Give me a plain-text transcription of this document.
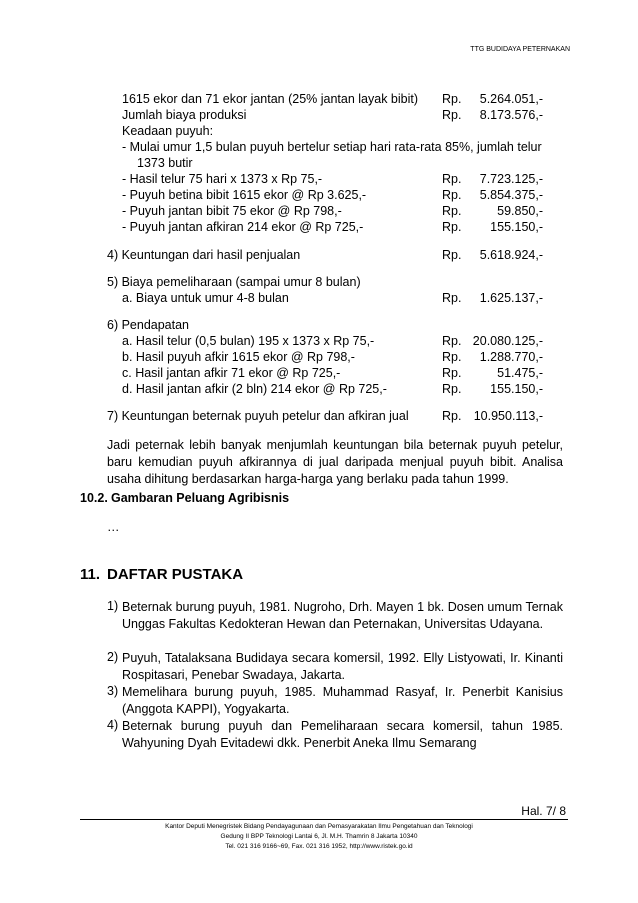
TTG BUDIDAYA PETERNAKAN
1615 ekor dan 71 ekor jantan (25% jantan layak bibit) Rp. 5.264.051,-
Jumlah biaya produksi	Rp. 8.173.576,-
Keadaan puyuh:
- Mulai umur 1,5 bulan puyuh bertelur setiap hari rata-rata 85%, jumlah telur
1373 butir
- Hasil telur 75 hari x 1373 x Rp 75,-	Rp. 7.723.125,-
- Puyuh betina bibit 1615 ekor @ Rp 3.625,-	Rp. 5.854.375,-
- Puyuh jantan bibit 75 ekor @ Rp 798,-	Rp.	59.850,-
- Puyuh jantan afkiran 214 ekor @ Rp 725,-	Rp. 155.150,-
4) Keuntungan dari hasil penjualan	Rp. 5.618.924,-
5) Biaya pemeliharaan (sampai umur 8 bulan)
a. Biaya untuk umur 4-8 bulan	Rp. 1.625.137,-
6) Pendapatan
a. Hasil telur (0,5 bulan) 195 x 1373 x Rp 75,-	Rp. 20.080.125,-
b. Hasil puyuh afkir 1615 ekor @ Rp 798,-	Rp. 1.288.770,-
c. Hasil jantan afkir 71 ekor @ Rp 725,-	Rp.	51.475,-
d. Hasil jantan afkir (2 bln) 214 ekor @ Rp 725,-	Rp. 155.150,-
7) Keuntungan beternak puyuh petelur dan afkiran jual	Rp. 10.950.113,-
Jadi peternak lebih banyak menjumlah keuntungan bila beternak puyuh petelur, baru kemudian puyuh afkirannya di jual daripada menjual puyuh bibit. Analisa usaha dihitung berdasarkan harga-harga yang berlaku pada tahun 1999.
10.2. Gambaran Peluang Agribisnis
…
11. DAFTAR PUSTAKA
1) Beternak burung puyuh, 1981. Nugroho, Drh. Mayen 1 bk. Dosen umum Ternak Unggas Fakultas Kedokteran Hewan dan Peternakan, Universitas Udayana.
2) Puyuh, Tatalaksana Budidaya secara komersil, 1992. Elly Listyowati, Ir. Kinanti Rospitasari, Penebar Swadaya, Jakarta.
3) Memelihara burung puyuh, 1985. Muhammad Rasyaf, Ir. Penerbit Kanisius (Anggota KAPPI), Yogyakarta.
4) Beternak burung puyuh dan Pemeliharaan secara komersil, tahun 1985. Wahyuning Dyah Evitadewi dkk. Penerbit Aneka Ilmu Semarang
Hal. 7/ 8
Kantor Deputi Menegristek Bidang Pendayagunaan dan Pemasyarakatan Ilmu Pengetahuan dan Teknologi
Gedung II BPP Teknologi Lantai 6, Jl. M.H. Thamrin 8 Jakarta 10340
Tel. 021 316 9166~69, Fax. 021 316 1952, http://www.ristek.go.id
